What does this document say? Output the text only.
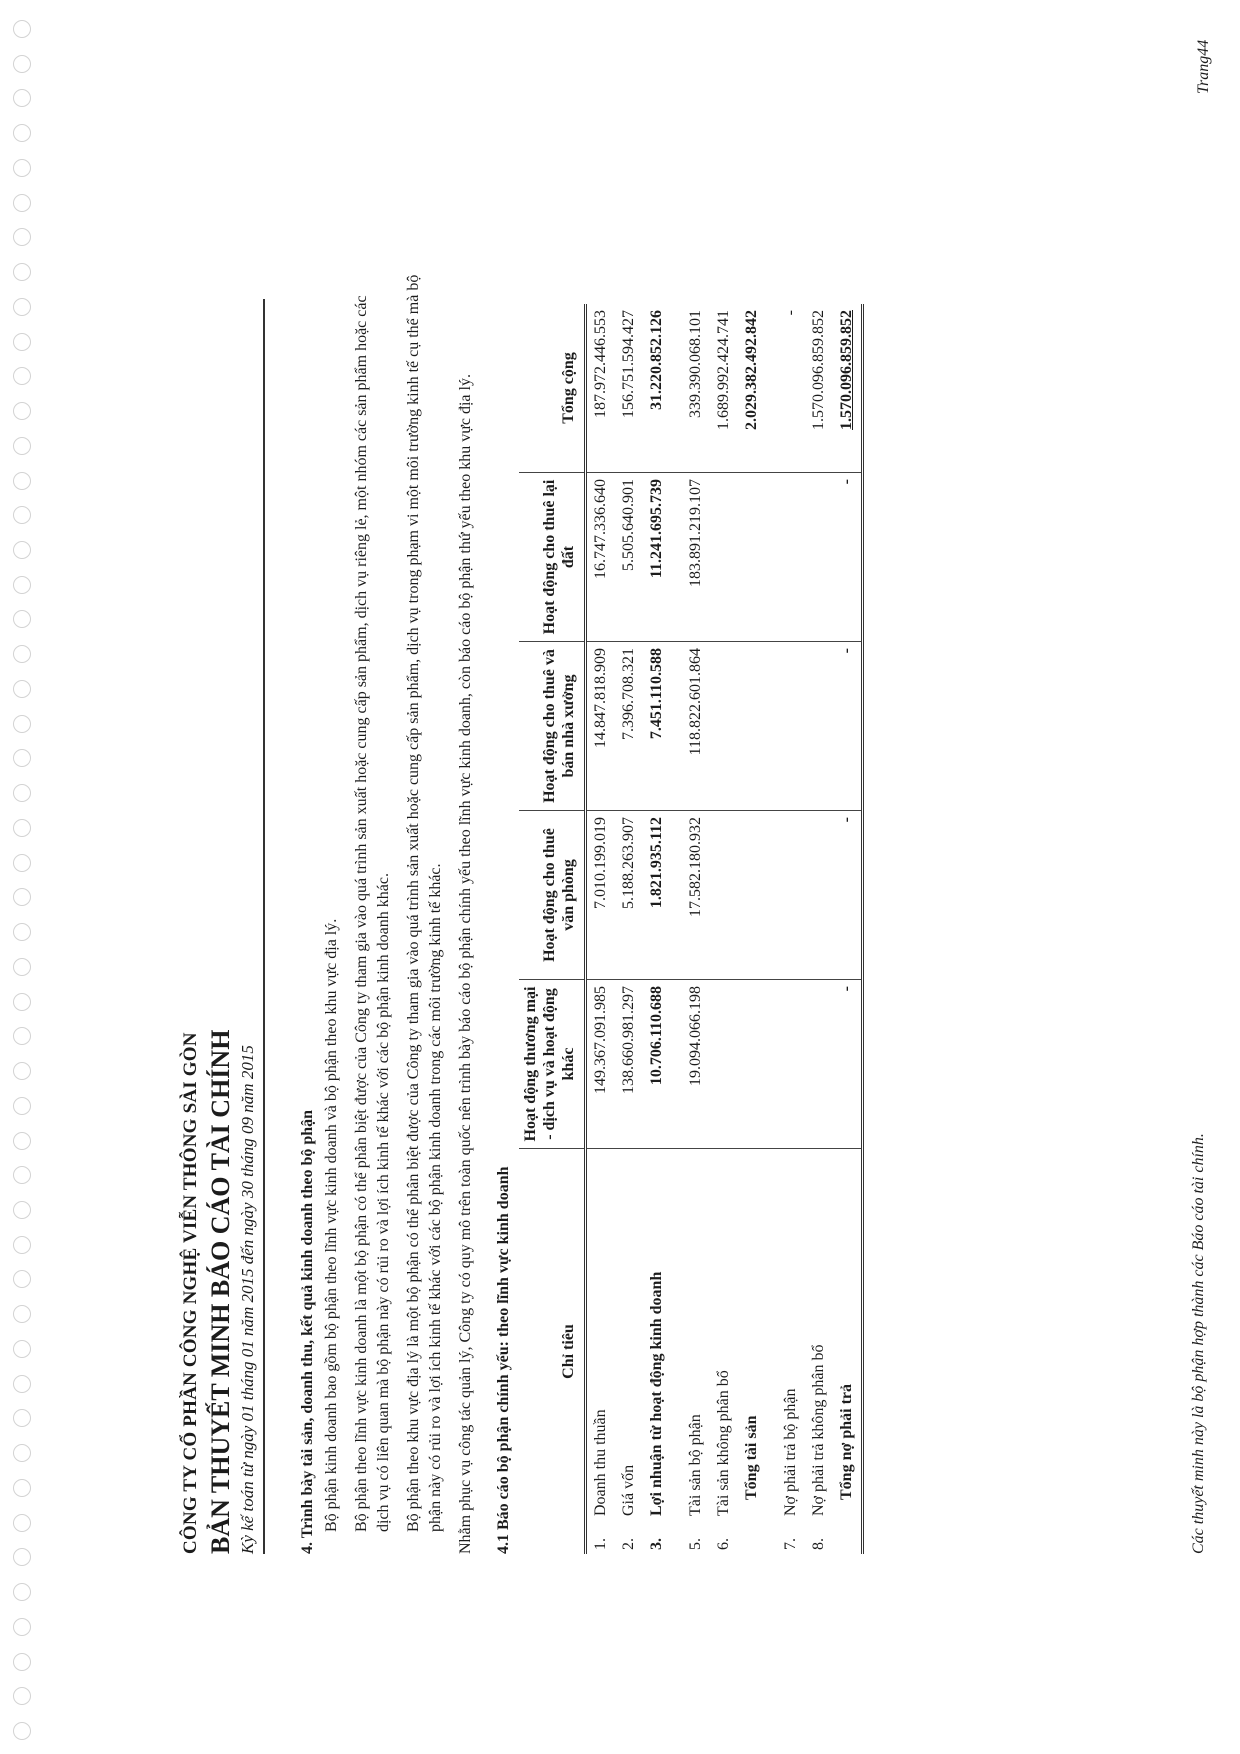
CÔNG TY CỔ PHẦN CÔNG NGHỆ VIỄN THÔNG SÀI GÒN BẢN THUYẾT MINH BÁO CÁO TÀI CHÍNH Kỳ kế toán từ ngày 01 tháng 01 năm 2015 đến ngày 30 tháng 09 năm 2015	4. Trình bày tài sản, doanh thu, kết quả kinh doanh theo bộ phận Bộ phận kinh doanh bao gồm bộ phận theo lĩnh vực kinh doanh và bộ phận theo khu vực địa lý. Bộ phận theo lĩnh vực kinh doanh là một bộ phận có thể phân biệt được của Công ty tham gia vào quá trình sản xuất hoặc cung cấp sản phẩm, dịch vụ riêng lẻ, một nhóm các sản phẩm hoặc các dịch vụ có liên quan mà bộ phận này có rủi ro và lợi ích kinh tế khác với các bộ phận kinh doanh khác. Bộ phận theo khu vực địa lý là một bộ phận có thể phân biệt được của Công ty tham gia vào quá trình sản xuất hoặc cung cấp sản phẩm, dịch vụ trong phạm vi một môi trường kinh tế cụ thể mà bộ phận này có rủi ro và lợi ích kinh tế khác với các bộ phận kinh doanh trong các môi trường kinh tế khác. Nhằm phục vụ công tác quản lý, Công ty có quy mô trên toàn quốc nên trình bày báo cáo bộ phận chính yếu theo lĩnh vực kinh doanh, còn báo cáo bộ phận thứ yếu theo khu vực địa lý. 4.1 Báo cáo bộ phận chính yếu: theo lĩnh vực kinh doanh	Chỉ tiêu		Hoạt động thương mại - dịch vụ và hoạt động khác	Hoạt động cho thuê văn phòng	Hoạt động cho thuê và bán nhà xưởng	Hoạt động cho thuê lại đất	Tổng cộng
1.	Doanh thu thuần	149.367.091.985	7.010.199.019	14.847.818.909	16.747.336.640	187.972.446.553
2.	Giá vốn	138.660.981.297	5.188.263.907	7.396.708.321	5.505.640.901	156.751.594.427
3.	Lợi nhuận từ hoạt động kinh doanh	10.706.110.688	1.821.935.112	7.451.110.588	11.241.695.739	31.220.852.126
5.	Tài sản bộ phận	19.094.066.198	17.582.180.932	118.822.601.864	183.891.219.107	339.390.068.101
6.	Tài sản không phân bổ					1.689.992.424.741
	Tổng tài sản					2.029.382.492.842
7.	Nợ phải trả bộ phận					-
8.	Nợ phải trả không phân bổ					1.570.096.859.852
	Tổng nợ phải trả	-	-	-	-	1.570.096.859.852
Các thuyết minh này là bộ phận hợp thành các Báo cáo tài chính.
Trang44
